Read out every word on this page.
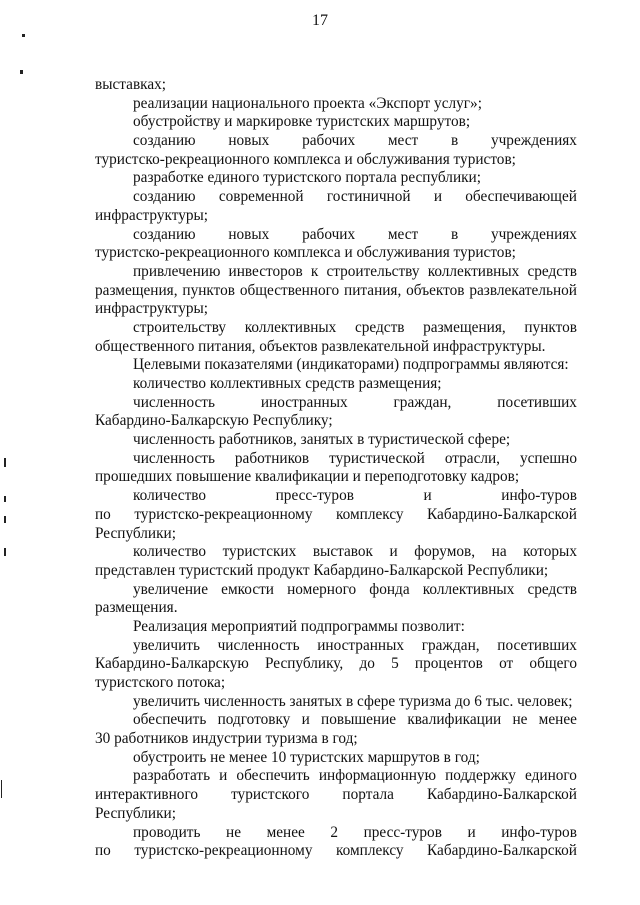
17
выставках;
реализации национального проекта «Экспорт услуг»;
обустройству и маркировке туристских маршрутов;
созданию новых рабочих мест в учреждениях
туристско-рекреационного комплекса и обслуживания туристов;
разработке единого туристского портала республики;
созданию современной гостиничной и обеспечивающей
инфраструктуры;
созданию новых рабочих мест в учреждениях
туристско-рекреационного комплекса и обслуживания туристов;
привлечению инвесторов к строительству коллективных средств
размещения, пунктов общественного питания, объектов развлекательной
инфраструктуры;
строительству коллективных средств размещения, пунктов
общественного питания, объектов развлекательной инфраструктуры.
Целевыми показателями (индикаторами) подпрограммы являются:
количество коллективных средств размещения;
численность	иностранных	граждан,	посетивших
Кабардино-Балкарскую Республику;
численность работников, занятых в туристической сфере;
численность работников туристической отрасли, успешно
прошедших повышение квалификации и переподготовку кадров;
количество	пресс-туров	и	инфо-туров
по туристско-рекреационному комплексу Кабардино-Балкарской
Республики;
количество туристских выставок и форумов, на которых
представлен туристский продукт Кабардино-Балкарской Республики;
увеличение емкости номерного фонда коллективных средств
размещения.
Реализация мероприятий подпрограммы позволит:
увеличить численность иностранных граждан, посетивших
Кабардино-Балкарскую Республику, до 5 процентов от общего
туристского потока;
увеличить численность занятых в сфере туризма до 6 тыс. человек;
обеспечить подготовку и повышение квалификации не менее
30 работников индустрии туризма в год;
обустроить не менее 10 туристских маршрутов в год;
разработать и обеспечить информационную поддержку единого
интерактивного туристского портала Кабардино-Балкарской
Республики;
проводить не менее 2 пресс-туров и инфо-туров
по туристско-рекреационному комплексу Кабардино-Балкарской
